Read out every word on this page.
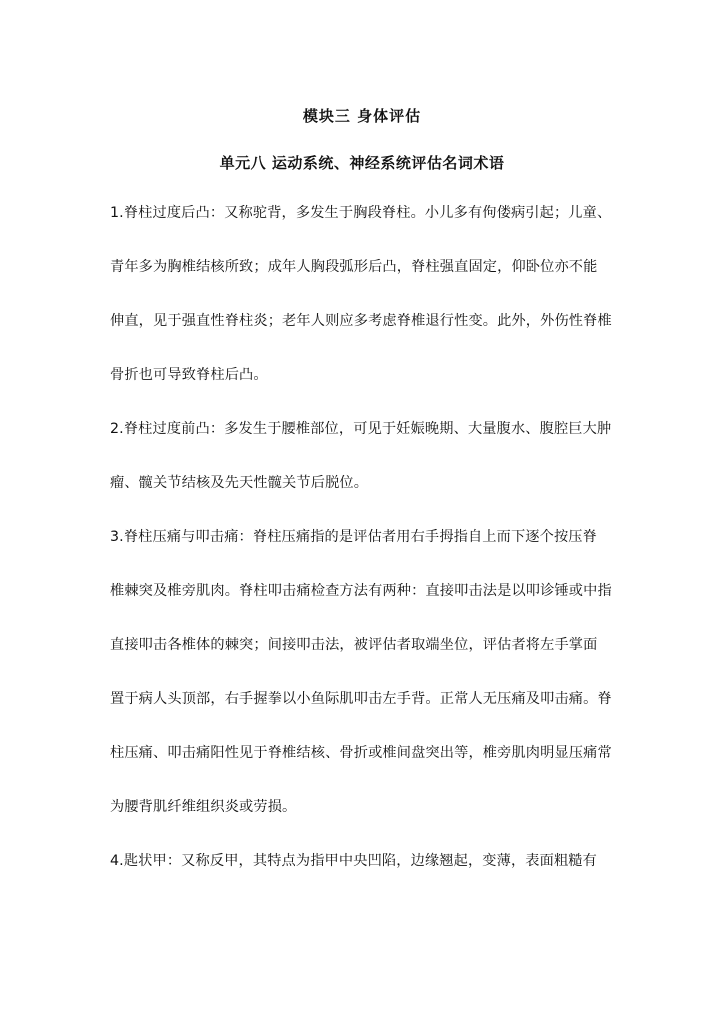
模块三 身体评估
单元八 运动系统、神经系统评估名词术语
1.脊柱过度后凸：又称驼背，多发生于胸段脊柱。小儿多有佝偻病引起；儿童、
青年多为胸椎结核所致；成年人胸段弧形后凸，脊柱强直固定，仰卧位亦不能
伸直，见于强直性脊柱炎；老年人则应多考虑脊椎退行性变。此外，外伤性脊椎
骨折也可导致脊柱后凸。
2.脊柱过度前凸：多发生于腰椎部位，可见于妊娠晚期、大量腹水、腹腔巨大肿
瘤、髋关节结核及先天性髋关节后脱位。
3.脊柱压痛与叩击痛：脊柱压痛指的是评估者用右手拇指自上而下逐个按压脊
椎棘突及椎旁肌肉。脊柱叩击痛检查方法有两种：直接叩击法是以叩诊锤或中指
直接叩击各椎体的棘突；间接叩击法，被评估者取端坐位，评估者将左手掌面
置于病人头顶部，右手握拳以小鱼际肌叩击左手背。正常人无压痛及叩击痛。脊
柱压痛、叩击痛阳性见于脊椎结核、骨折或椎间盘突出等，椎旁肌肉明显压痛常
为腰背肌纤维组织炎或劳损。
4.匙状甲：又称反甲，其特点为指甲中央凹陷，边缘翘起，变薄，表面粗糙有
